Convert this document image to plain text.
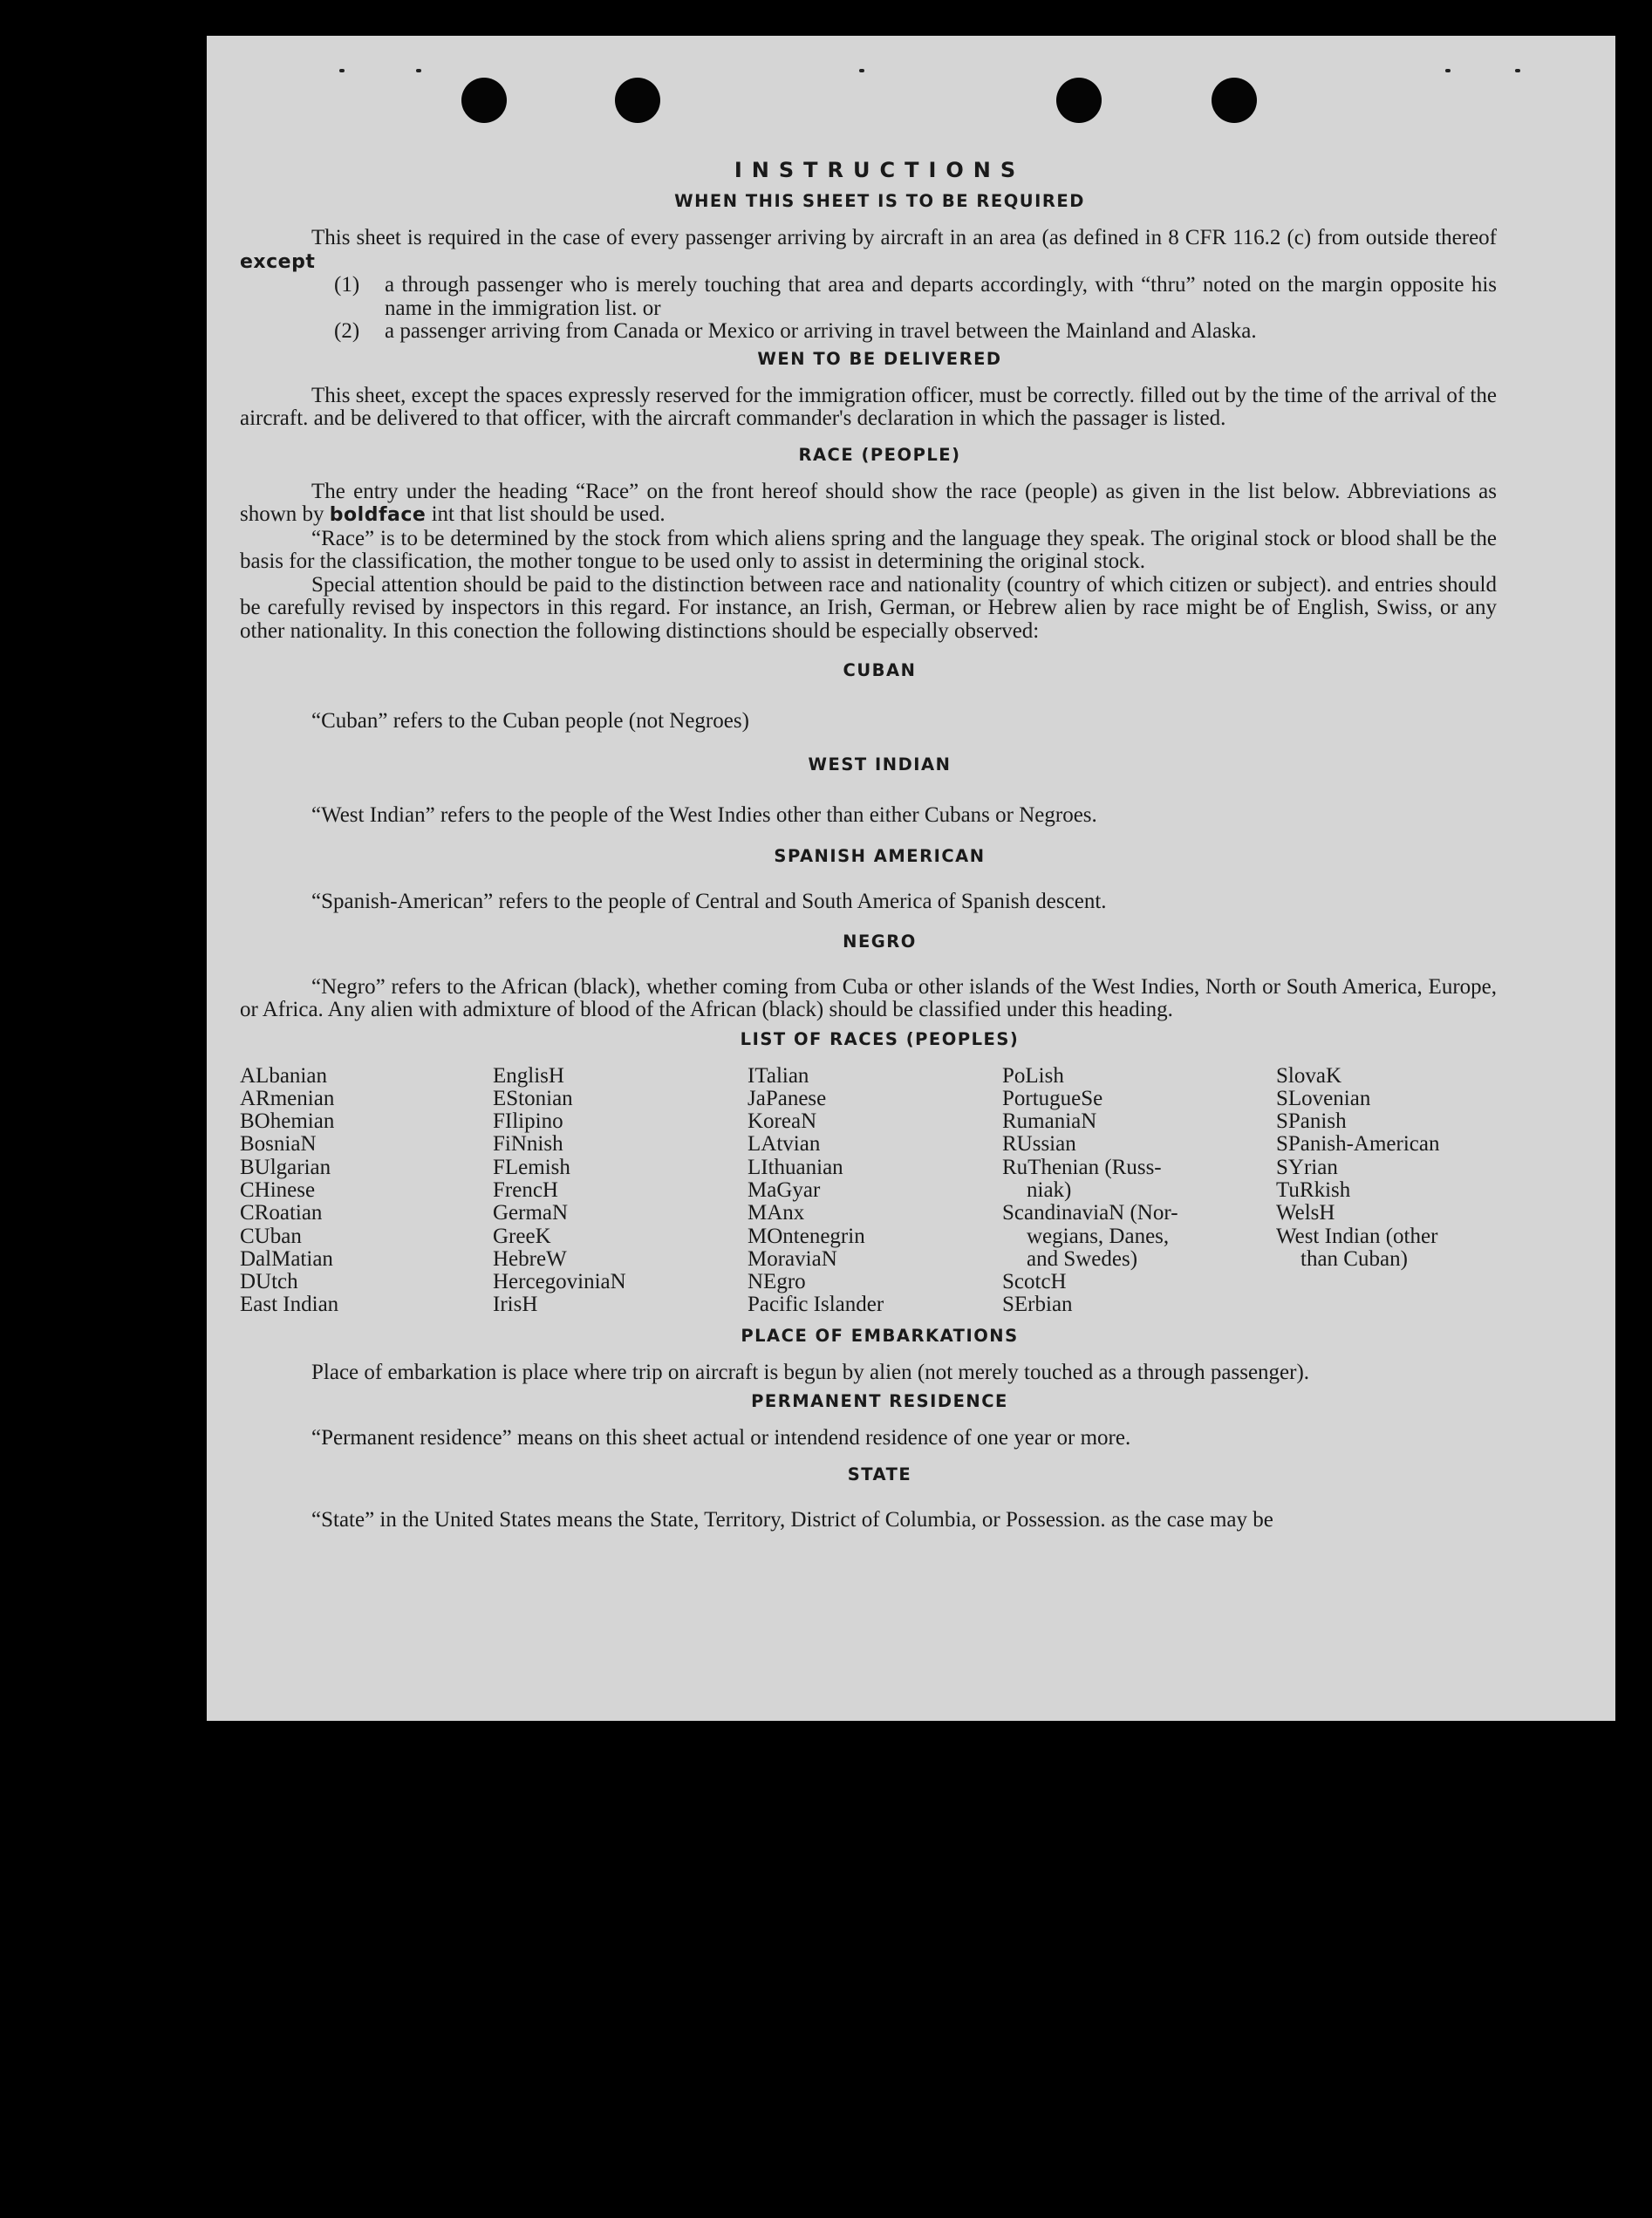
INSTRUCTIONS
WHEN THIS SHEET IS TO BE REQUIRED

This sheet is required in the case of every passenger arriving by aircraft in an area (as defined in 8 CFR 116.2 (c) from outside thereof except

(1) a through passenger who is merely touching that area and departs accordingly, with “thru” noted on the margin opposite his name in the immigration list. or

(2) a passenger arriving from Canada or Mexico or arriving in travel between the Mainland and Alaska.

WEN TO BE DELIVERED

This sheet, except the spaces expressly reserved for the immigration officer, must be correctly. filled out by the time of the arrival of the aircraft. and be delivered to that officer, with the aircraft commander's declaration in which the passager is listed.

RACE (PEOPLE)

The entry under the heading “Race” on the front hereof should show the race (people) as given in the list below. Abbreviations as shown by boldface int that list should be used.

“Race” is to be determined by the stock from which aliens spring and the language they speak. The original stock or blood shall be the basis for the classification, the mother tongue to be used only to assist in determining the original stock.

Special attention should be paid to the distinction between race and nationality (country of which citizen or subject). and entries should be carefully revised by inspectors in this regard. For instance, an Irish, German, or Hebrew alien by race might be of English, Swiss, or any other nationality. In this conection the following distinctions should be especially observed:

CUBAN

“Cuban” refers to the Cuban people (not Negroes)

WEST INDIAN

“West Indian” refers to the people of the West Indies other than either Cubans or Negroes.

SPANISH AMERICAN

“Spanish-American” refers to the people of Central and South America of Spanish descent.

NEGRO

“Negro” refers to the African (black), whether coming from Cuba or other islands of the West Indies, North or South America, Europe, or Africa. Any alien with admixture of blood of the African (black) should be classified under this heading.

LIST OF RACES (PEOPLES)
ALbanian
ARmenian
BOhemian
BosniaN
BUlgarian
CHinese
CRoatian
CUban
DalMatian
DUtch
East Indian
EnglisH
EStonian
FIlipino
FiNnish
FLemish
FrencH
GermaN
GreeK
HebreW
HercegoviniaN
IrisH
ITalian
JaPanese
KoreaN
LAtvian
LIthuanian
MaGyar
MAnx
MOntenegrin
MoraviaN
NEgro
Pacific Islander
PoLish
PortugueSe
RumaniaN
RUssian
RuThenian (Russ-
niak)
ScandinaviaN (Nor-
wegians, Danes,
and Swedes)
ScotcH
SErbian
SlovaK
SLovenian
SPanish
SPanish-American
SYrian
TuRkish
WelsH
West Indian (other
than Cuban)
PLACE OF EMBARKATIONS

Place of embarkation is place where trip on aircraft is begun by alien (not merely touched as a through passenger).

PERMANENT RESIDENCE

“Permanent residence” means on this sheet actual or intendend residence of one year or more.

STATE

“State” in the United States means the State, Territory, District of Columbia, or Possession. as the case may be
